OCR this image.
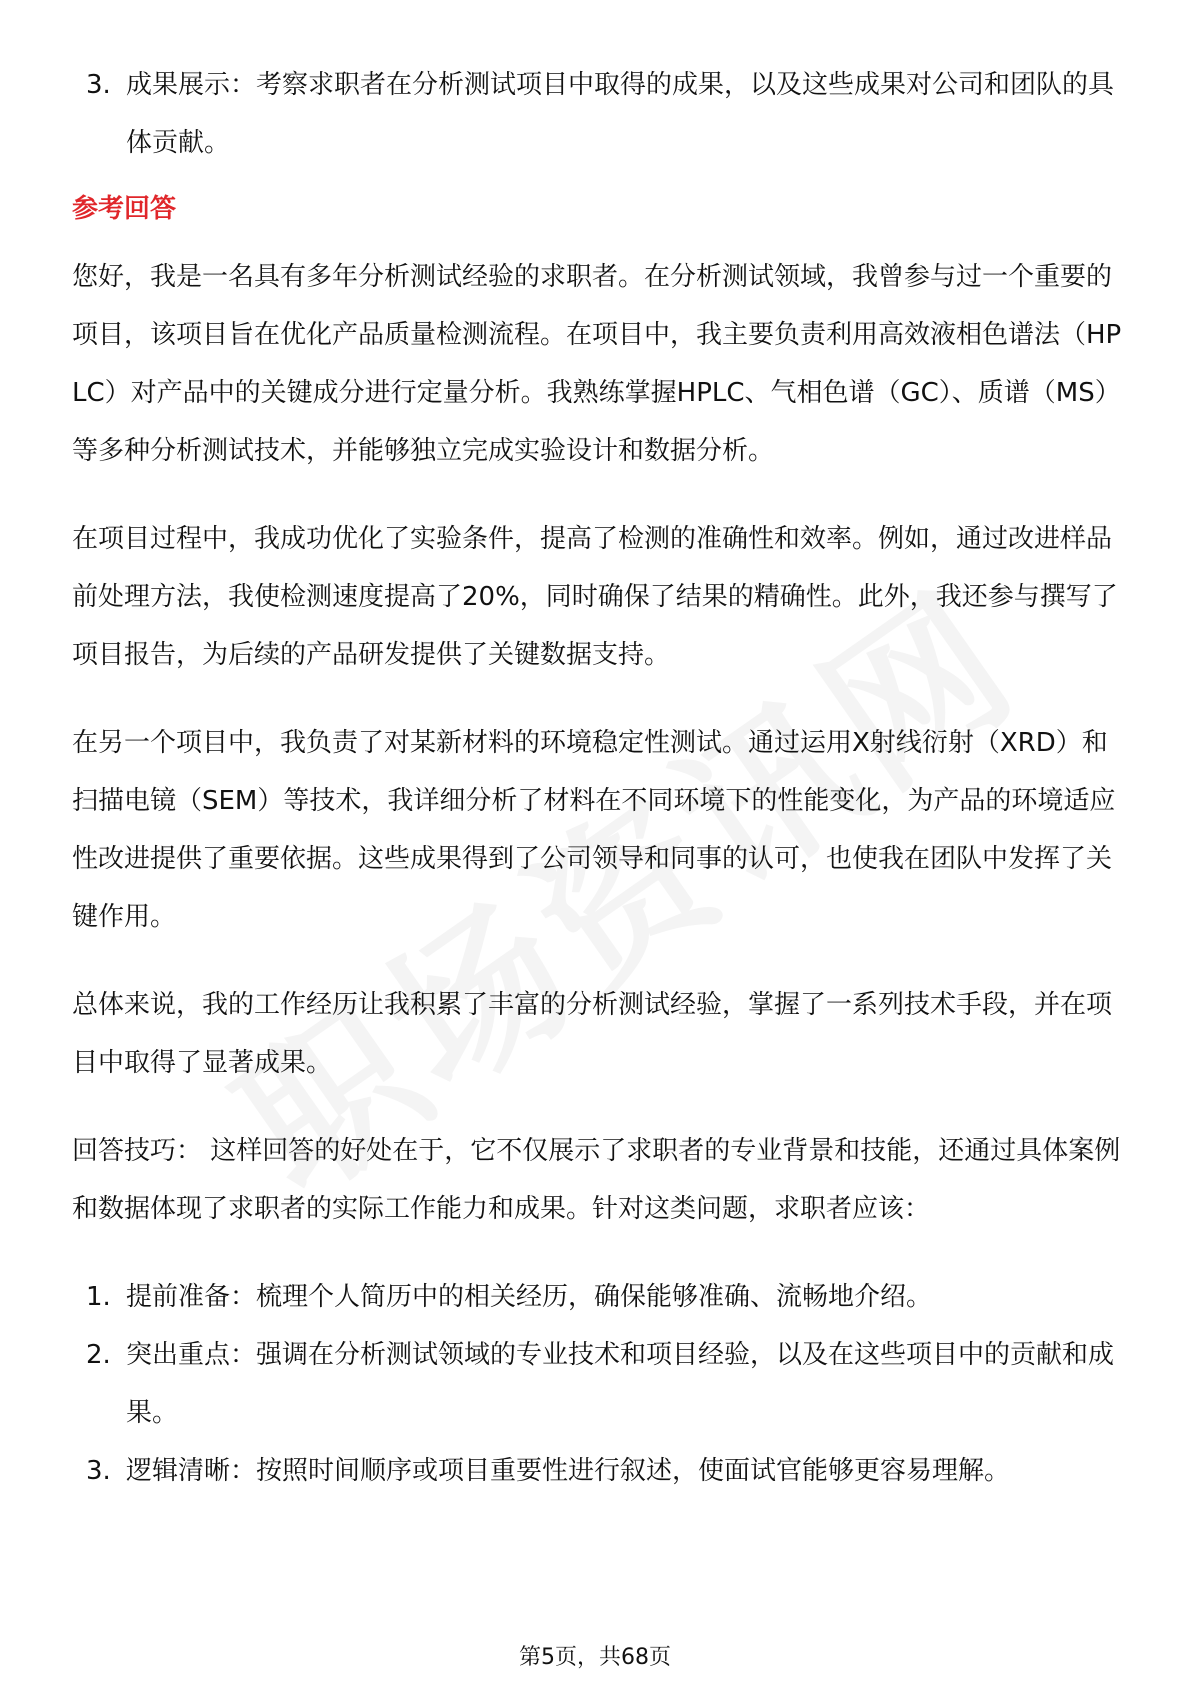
3. 成果展示：考察求职者在分析测试项目中取得的成果，以及这些成果对公司和团队的具体贡献。
参考回答

您好，我是一名具有多年分析测试经验的求职者。在分析测试领域，我曾参与过一个重要的项目，该项目旨在优化产品质量检测流程。在项目中，我主要负责利用高效液相色谱法（HPLC）对产品中的关键成分进行定量分析。我熟练掌握HPLC、气相色谱（GC）、质谱（MS）等多种分析测试技术，并能够独立完成实验设计和数据分析。

在项目过程中，我成功优化了实验条件，提高了检测的准确性和效率。例如，通过改进样品前处理方法，我使检测速度提高了20%，同时确保了结果的精确性。此外，我还参与撰写了项目报告，为后续的产品研发提供了关键数据支持。

在另一个项目中，我负责了对某新材料的环境稳定性测试。通过运用X射线衍射（XRD）和扫描电镜（SEM）等技术，我详细分析了材料在不同环境下的性能变化，为产品的环境适应性改进提供了重要依据。这些成果得到了公司领导和同事的认可，也使我在团队中发挥了关键作用。

总体来说，我的工作经历让我积累了丰富的分析测试经验，掌握了一系列技术手段，并在项目中取得了显著成果。

回答技巧： 这样回答的好处在于，它不仅展示了求职者的专业背景和技能，还通过具体案例和数据体现了求职者的实际工作能力和成果。针对这类问题，求职者应该：

1. 提前准备：梳理个人简历中的相关经历，确保能够准确、流畅地介绍。
2. 突出重点：强调在分析测试领域的专业技术和项目经验，以及在这些项目中的贡献和成果。
3. 逻辑清晰：按照时间顺序或项目重要性进行叙述，使面试官能够更容易理解。
第5页，共68页
